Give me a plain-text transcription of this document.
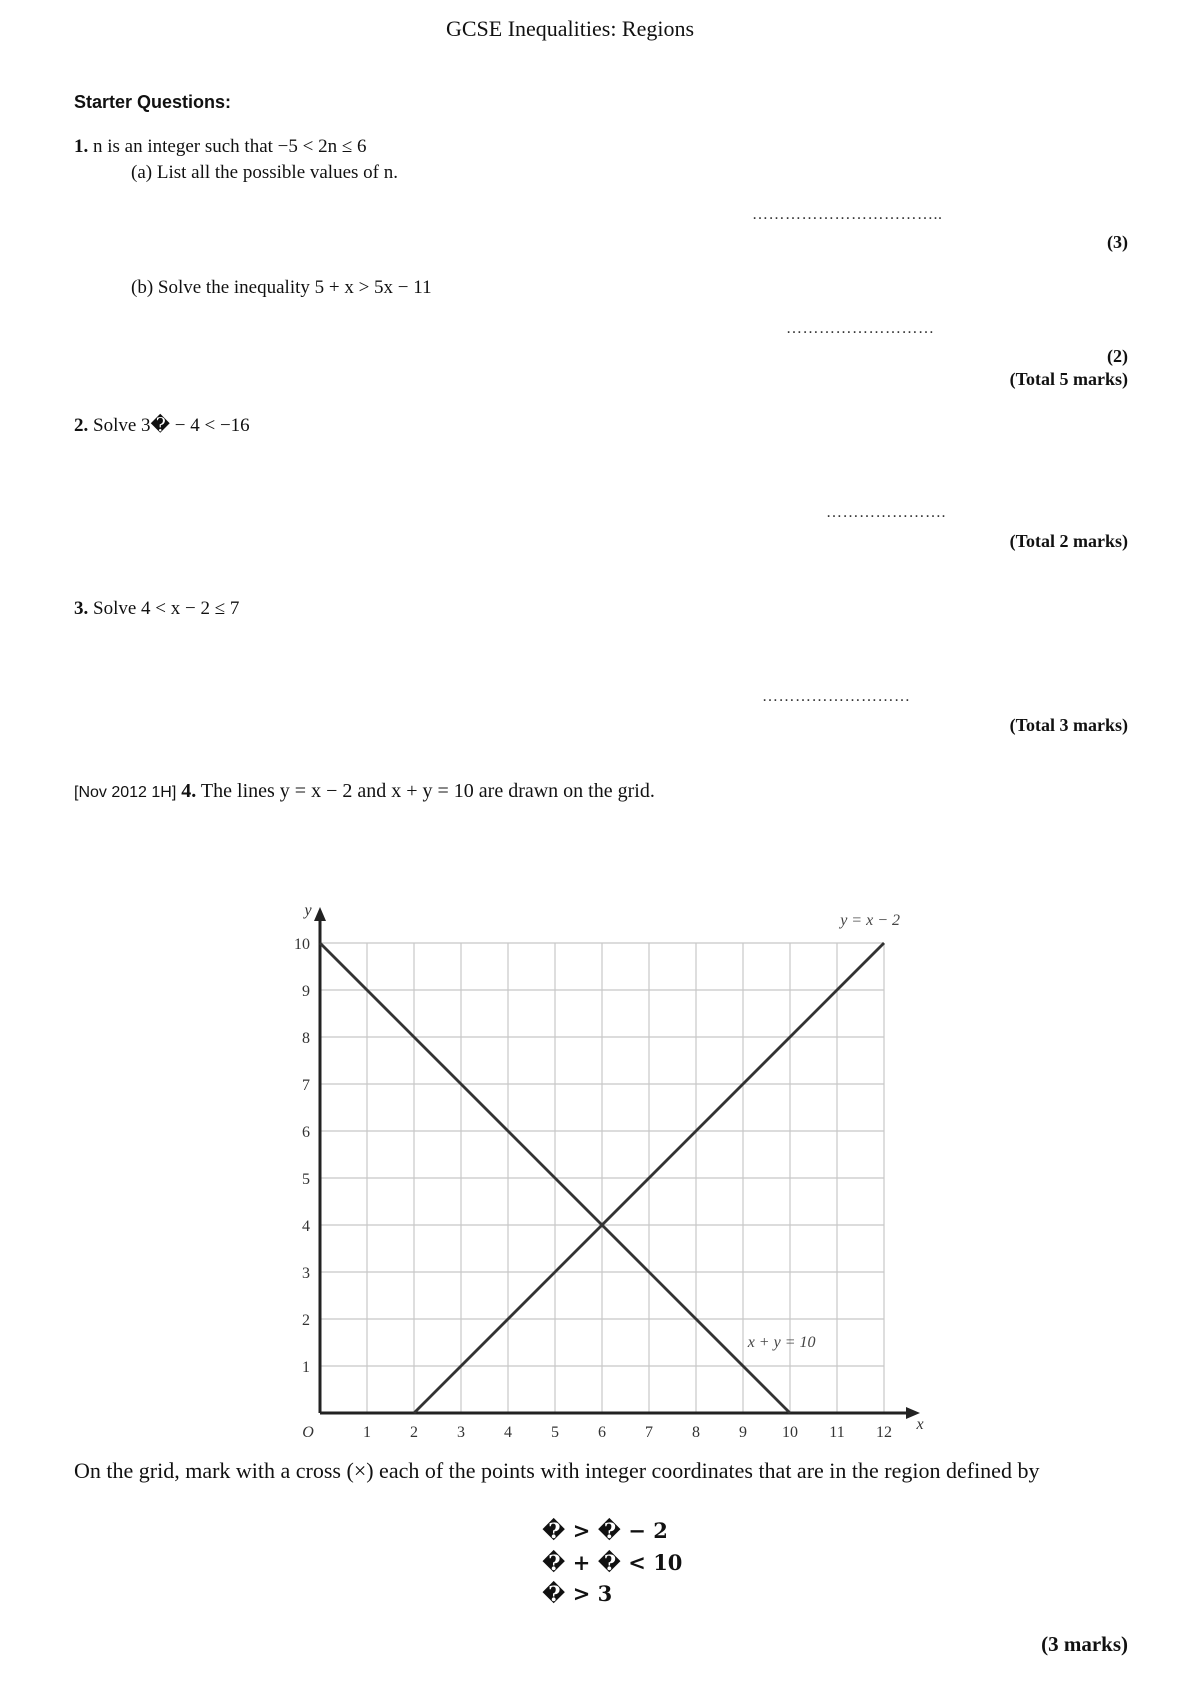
GCSE Inequalities: Regions
Starter Questions:
1. n is an integer such that −5 < 2n ≤ 6
(a) List all the possible values of n.
……………………………..
(3)
(b) Solve the inequality 5 + x > 5x − 11
………………………
(2)
(Total 5 marks)
2. Solve 3� − 4 < −16
………………….
(Total 2 marks)
3. Solve 4 < x − 2 ≤ 7
………………………
(Total 3 marks)
[Nov 2012 1H] 4. The lines y = x − 2 and x + y = 10 are drawn on the grid.
1 2 3 4 5 6 7 8 9 10 11 12
1
2
3
4
5
6
7
8
9
10
O	x
y
y = x − 2
x + y = 10
On the grid, mark with a cross (×) each of the points with integer coordinates that are in the region defined by
� > � − 2
� + � < 10
� > 3
(3 marks)
